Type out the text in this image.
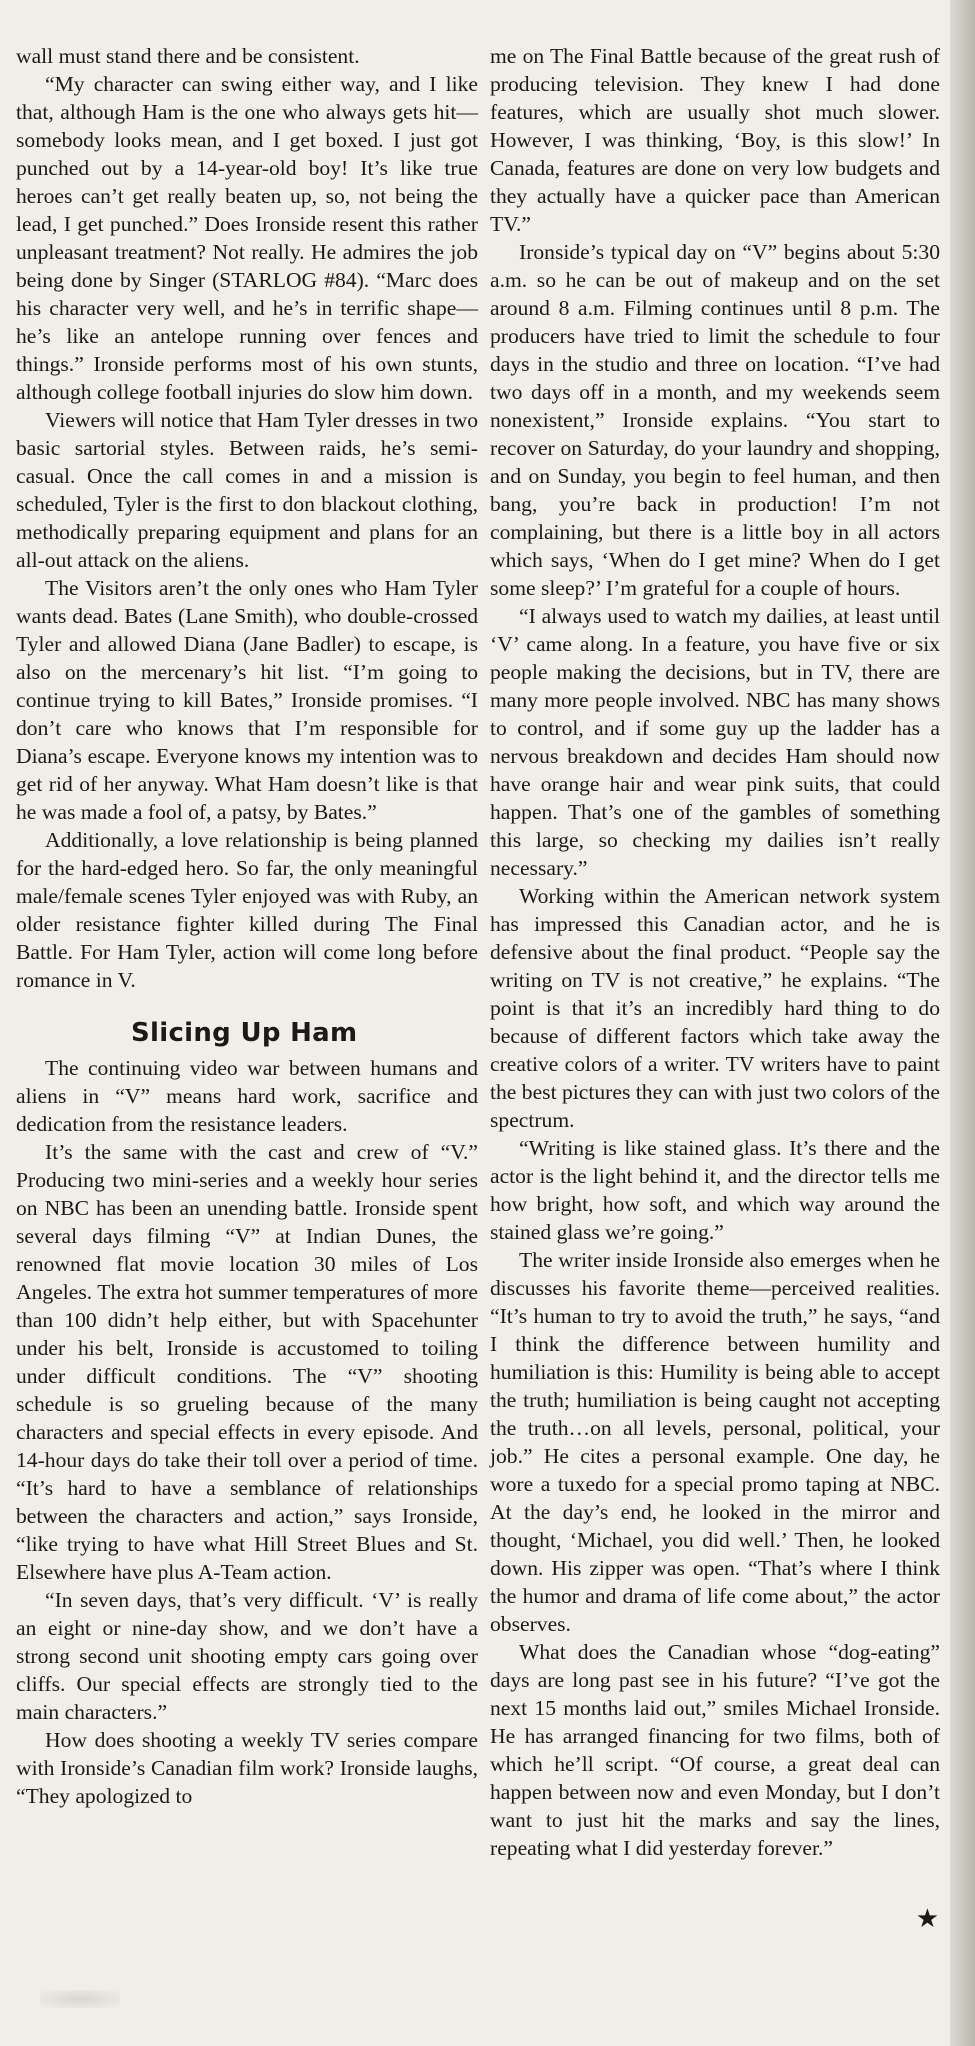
wall must stand there and be consistent.

“My character can swing either way, and I like that, although Ham is the one who always gets hit—somebody looks mean, and I get boxed. I just got punched out by a 14-year-old boy! It’s like true heroes can’t get really beaten up, so, not being the lead, I get punched.” Does Ironside resent this rather unpleasant treatment? Not really. He admires the job being done by Singer (STARLOG #84). “Marc does his character very well, and he’s in terrific shape—he’s like an antelope running over fences and things.” Ironside performs most of his own stunts, although college football injuries do slow him down.

Viewers will notice that Ham Tyler dresses in two basic sartorial styles. Between raids, he’s semi-casual. Once the call comes in and a mission is scheduled, Tyler is the first to don blackout clothing, methodically preparing equipment and plans for an all-out attack on the aliens.

The Visitors aren’t the only ones who Ham Tyler wants dead. Bates (Lane Smith), who double-crossed Tyler and allowed Diana (Jane Badler) to escape, is also on the mercenary’s hit list. “I’m going to continue trying to kill Bates,” Ironside promises. “I don’t care who knows that I’m responsible for Diana’s escape. Everyone knows my intention was to get rid of her anyway. What Ham doesn’t like is that he was made a fool of, a patsy, by Bates.”

Additionally, a love relationship is being planned for the hard-edged hero. So far, the only meaningful male/female scenes Tyler enjoyed was with Ruby, an older resistance fighter killed during The Final Battle. For Ham Tyler, action will come long before romance in V.

Slicing Up Ham

The continuing video war between humans and aliens in “V” means hard work, sacrifice and dedication from the resistance leaders.

It’s the same with the cast and crew of “V.” Producing two mini-series and a weekly hour series on NBC has been an unending battle. Ironside spent several days filming “V” at Indian Dunes, the renowned flat movie location 30 miles of Los Angeles. The extra hot summer temperatures of more than 100 didn’t help either, but with Spacehunter under his belt, Ironside is accustomed to toiling under difficult conditions. The “V” shooting schedule is so grueling because of the many characters and special effects in every episode. And 14-hour days do take their toll over a period of time. “It’s hard to have a semblance of relationships between the characters and action,” says Ironside, “like trying to have what Hill Street Blues and St. Elsewhere have plus A-Team action.

“In seven days, that’s very difficult. ‘V’ is really an eight or nine-day show, and we don’t have a strong second unit shooting empty cars going over cliffs. Our special effects are strongly tied to the main characters.”

How does shooting a weekly TV series compare with Ironside’s Canadian film work? Ironside laughs, “They apologized to

me on The Final Battle because of the great rush of producing television. They knew I had done features, which are usually shot much slower. However, I was thinking, ‘Boy, is this slow!’ In Canada, features are done on very low budgets and they actually have a quicker pace than American TV.”

Ironside’s typical day on “V” begins about 5:30 a.m. so he can be out of makeup and on the set around 8 a.m. Filming continues until 8 p.m. The producers have tried to limit the schedule to four days in the studio and three on location. “I’ve had two days off in a month, and my weekends seem nonexistent,” Ironside explains. “You start to recover on Saturday, do your laundry and shopping, and on Sunday, you begin to feel human, and then bang, you’re back in production! I’m not complaining, but there is a little boy in all actors which says, ‘When do I get mine? When do I get some sleep?’ I’m grateful for a couple of hours.

“I always used to watch my dailies, at least until ‘V’ came along. In a feature, you have five or six people making the decisions, but in TV, there are many more people involved. NBC has many shows to control, and if some guy up the ladder has a nervous breakdown and decides Ham should now have orange hair and wear pink suits, that could happen. That’s one of the gambles of something this large, so checking my dailies isn’t really necessary.”

Working within the American network system has impressed this Canadian actor, and he is defensive about the final product. “People say the writing on TV is not creative,” he explains. “The point is that it’s an incredibly hard thing to do because of different factors which take away the creative colors of a writer. TV writers have to paint the best pictures they can with just two colors of the spectrum.

“Writing is like stained glass. It’s there and the actor is the light behind it, and the director tells me how bright, how soft, and which way around the stained glass we’re going.”

The writer inside Ironside also emerges when he discusses his favorite theme—perceived realities. “It’s human to try to avoid the truth,” he says, “and I think the difference between humility and humiliation is this: Humility is being able to accept the truth; humiliation is being caught not accepting the truth…on all levels, personal, political, your job.” He cites a personal example. One day, he wore a tuxedo for a special promo taping at NBC. At the day’s end, he looked in the mirror and thought, ‘Michael, you did well.’ Then, he looked down. His zipper was open. “That’s where I think the humor and drama of life come about,” the actor observes.

What does the Canadian whose “dog-eating” days are long past see in his future? “I’ve got the next 15 months laid out,” smiles Michael Ironside. He has arranged financing for two films, both of which he’ll script. “Of course, a great deal can happen between now and even Monday, but I don’t want to just hit the marks and say the lines, repeating what I did yesterday forever.”

★
